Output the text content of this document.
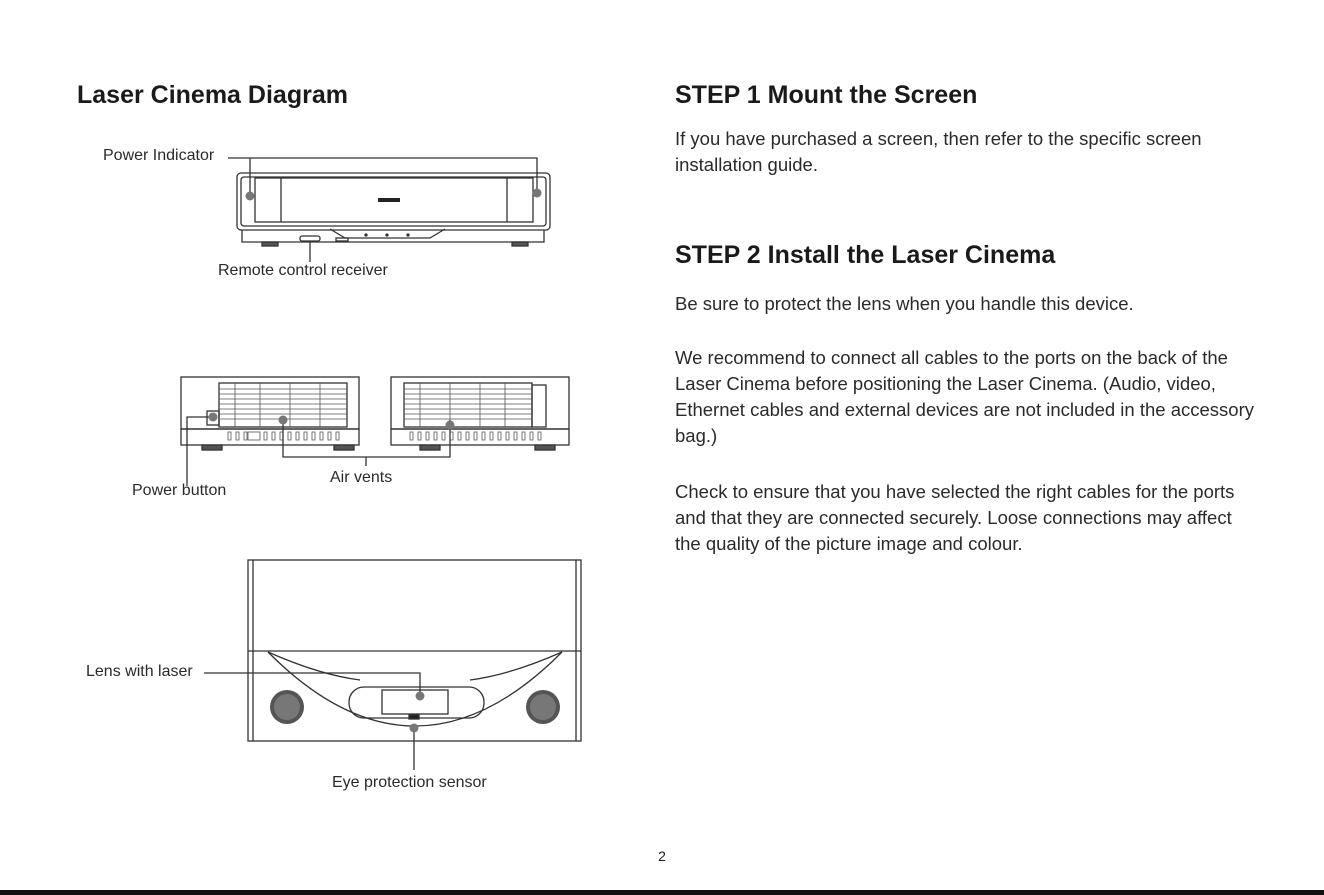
Laser Cinema Diagram
Power Indicator
Remote control receiver
Power button
Air vents
Lens with laser
Eye protection sensor
STEP 1 Mount the Screen

If you have purchased a screen, then refer to the specific screen installation guide.

STEP 2 Install the Laser Cinema

Be sure to protect the lens when you handle this device.

We recommend to connect all cables to the ports on the back of the Laser Cinema before positioning the Laser Cinema. (Audio, video, Ethernet cables and external devices are not included in the accessory bag.)

Check to ensure that you have selected the right cables for the ports and that they are connected securely. Loose connections may affect the quality of the picture image and colour.

2
